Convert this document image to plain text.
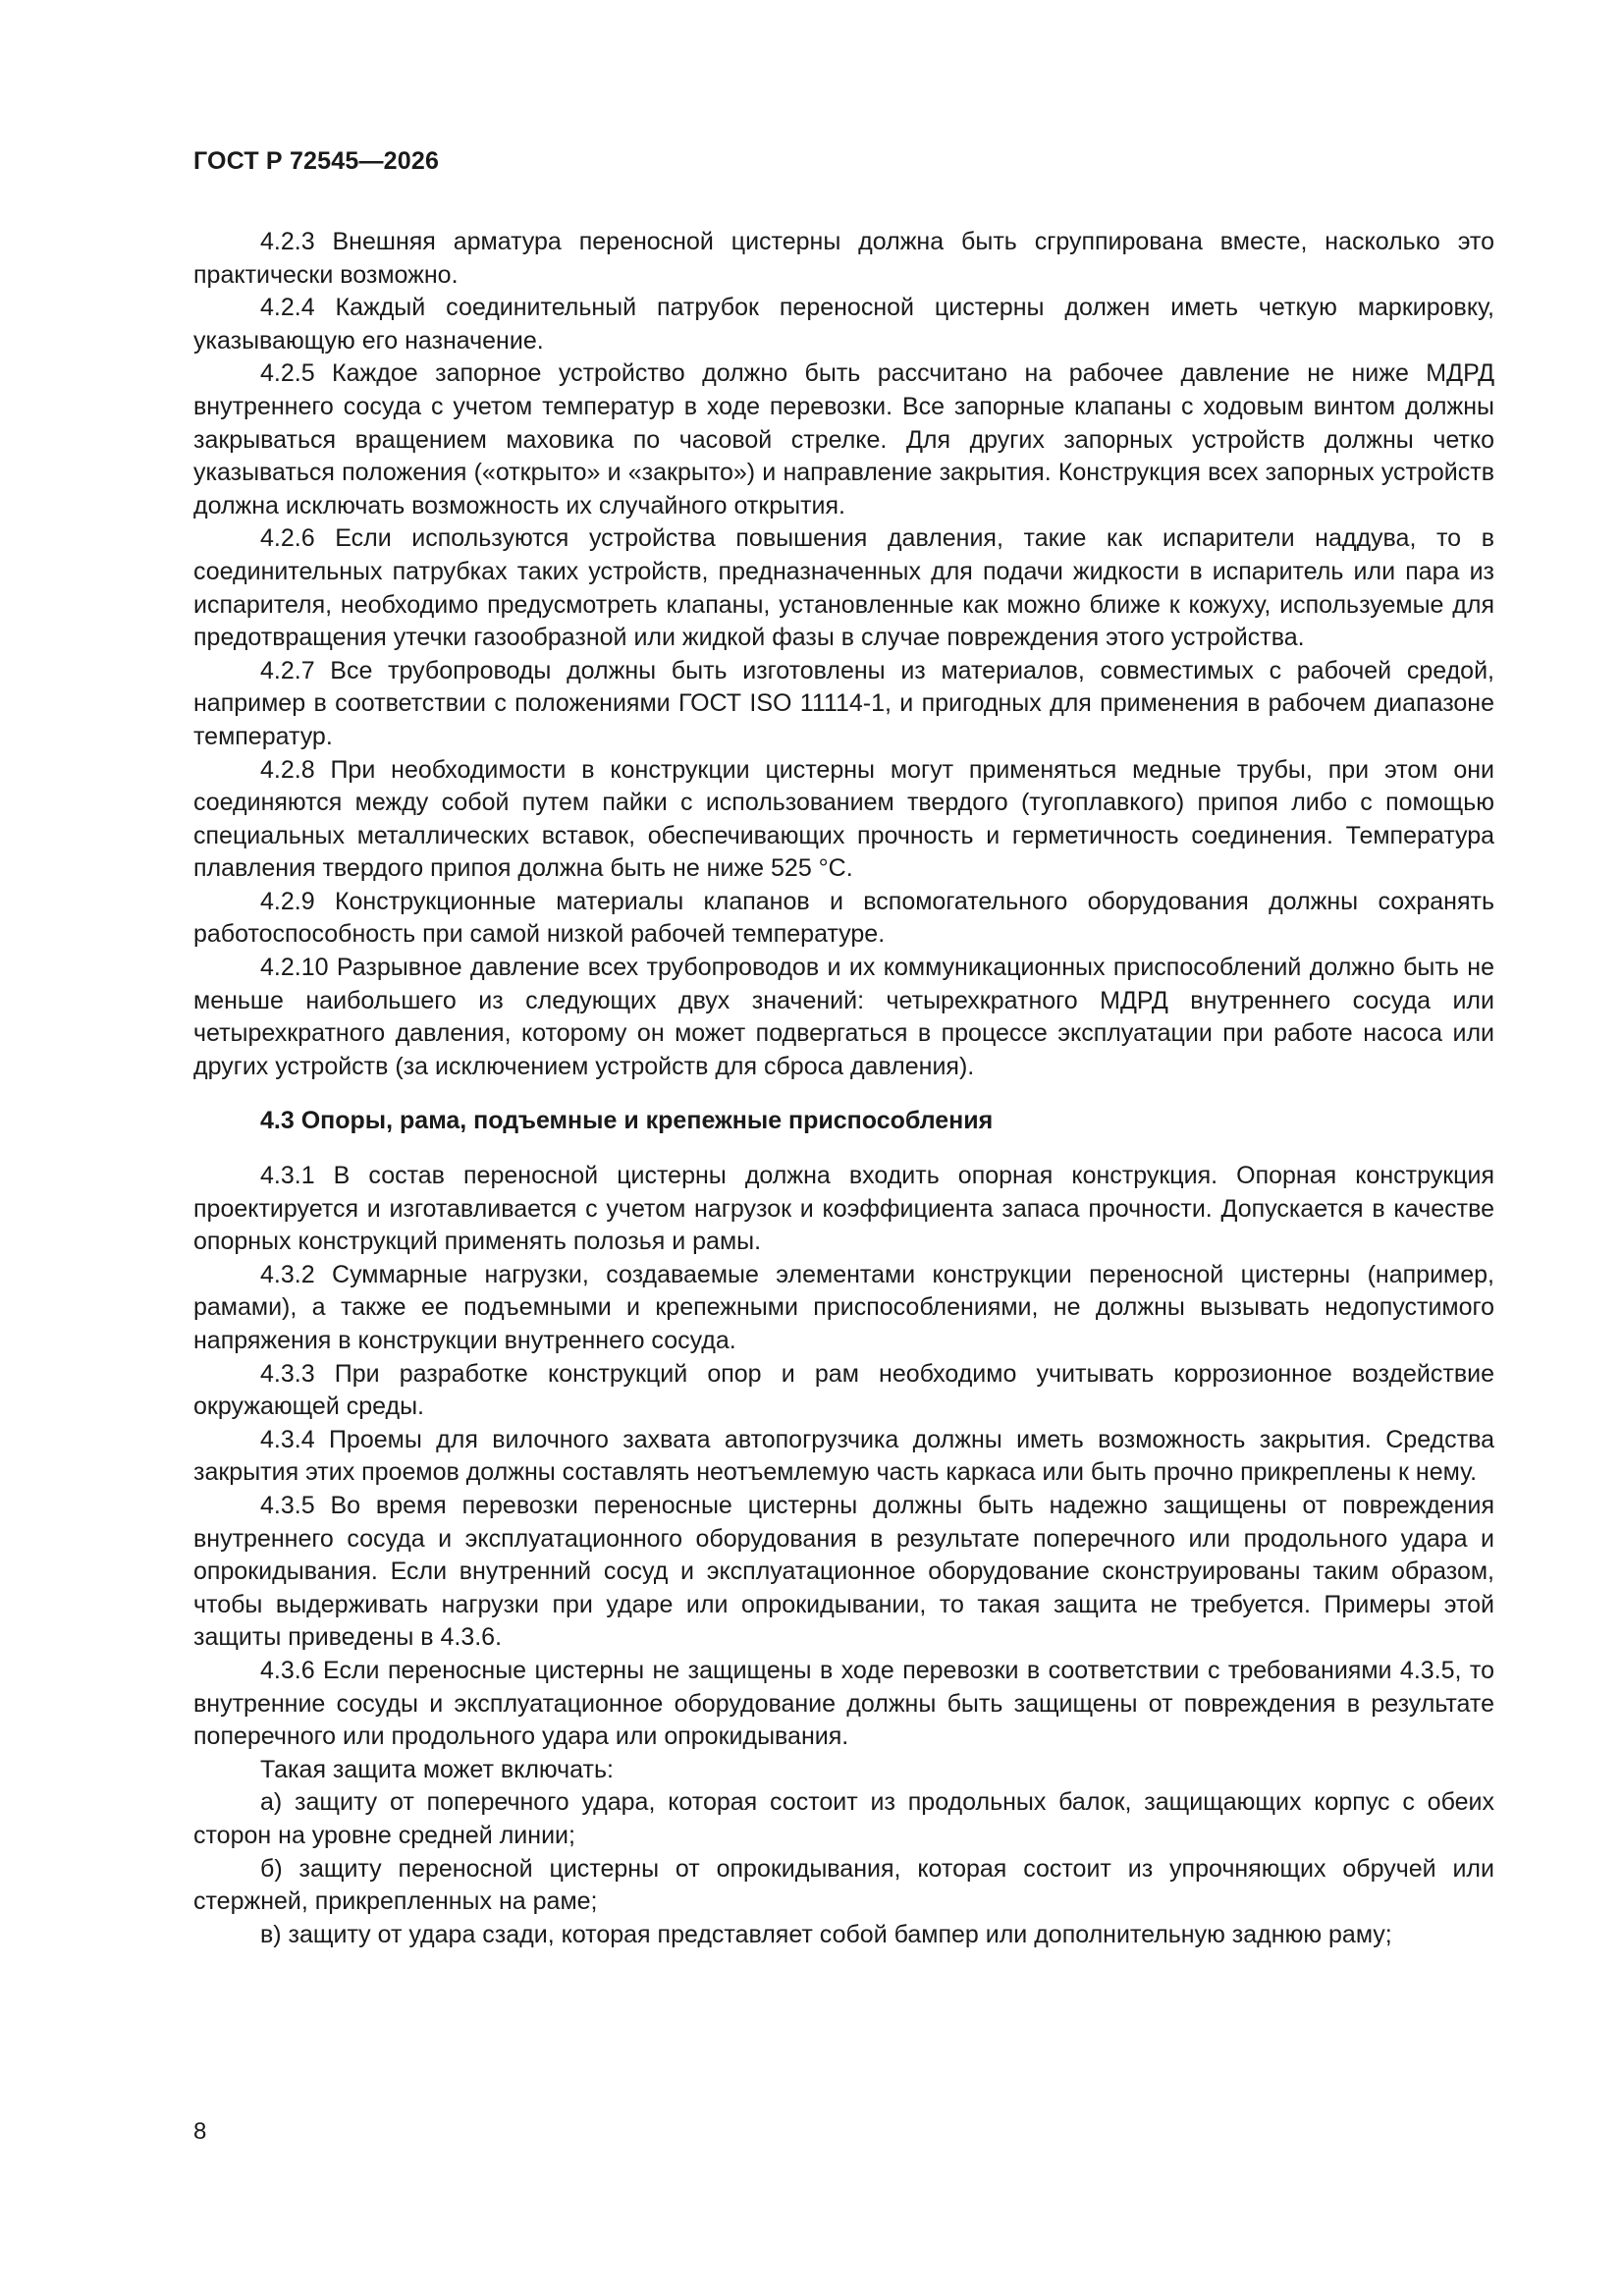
ГОСТ Р 72545—2026

4.2.3 Внешняя арматура переносной цистерны должна быть сгруппирована вместе, насколько это практически возможно.

4.2.4 Каждый соединительный патрубок переносной цистерны должен иметь четкую маркировку, указывающую его назначение.

4.2.5 Каждое запорное устройство должно быть рассчитано на рабочее давление не ниже МДРД внутреннего сосуда с учетом температур в ходе перевозки. Все запорные клапаны с ходовым винтом должны закрываться вращением маховика по часовой стрелке. Для других запорных устройств должны четко указываться положения («открыто» и «закрыто») и направление закрытия. Конструкция всех запорных устройств должна исключать возможность их случайного открытия.

4.2.6 Если используются устройства повышения давления, такие как испарители наддува, то в соединительных патрубках таких устройств, предназначенных для подачи жидкости в испаритель или пара из испарителя, необходимо предусмотреть клапаны, установленные как можно ближе к кожуху, используемые для предотвращения утечки газообразной или жидкой фазы в случае повреждения этого устройства.

4.2.7 Все трубопроводы должны быть изготовлены из материалов, совместимых с рабочей средой, например в соответствии с положениями ГОСТ ISO 11114-1, и пригодных для применения в рабочем диапазоне температур.

4.2.8 При необходимости в конструкции цистерны могут применяться медные трубы, при этом они соединяются между собой путем пайки с использованием твердого (тугоплавкого) припоя либо с помощью специальных металлических вставок, обеспечивающих прочность и герметичность соединения. Температура плавления твердого припоя должна быть не ниже 525 °С.

4.2.9 Конструкционные материалы клапанов и вспомогательного оборудования должны сохранять работоспособность при самой низкой рабочей температуре.

4.2.10 Разрывное давление всех трубопроводов и их коммуникационных приспособлений должно быть не меньше наибольшего из следующих двух значений: четырехкратного МДРД внутреннего сосуда или четырехкратного давления, которому он может подвергаться в процессе эксплуатации при работе насоса или других устройств (за исключением устройств для сброса давления).

4.3 Опоры, рама, подъемные и крепежные приспособления

4.3.1 В состав переносной цистерны должна входить опорная конструкция. Опорная конструкция проектируется и изготавливается с учетом нагрузок и коэффициента запаса прочности. Допускается в качестве опорных конструкций применять полозья и рамы.

4.3.2 Суммарные нагрузки, создаваемые элементами конструкции переносной цистерны (например, рамами), а также ее подъемными и крепежными приспособлениями, не должны вызывать недопустимого напряжения в конструкции внутреннего сосуда.

4.3.3 При разработке конструкций опор и рам необходимо учитывать коррозионное воздействие окружающей среды.

4.3.4 Проемы для вилочного захвата автопогрузчика должны иметь возможность закрытия. Средства закрытия этих проемов должны составлять неотъемлемую часть каркаса или быть прочно прикреплены к нему.

4.3.5 Во время перевозки переносные цистерны должны быть надежно защищены от повреждения внутреннего сосуда и эксплуатационного оборудования в результате поперечного или продольного удара и опрокидывания. Если внутренний сосуд и эксплуатационное оборудование сконструированы таким образом, чтобы выдерживать нагрузки при ударе или опрокидывании, то такая защита не требуется. Примеры этой защиты приведены в 4.3.6.

4.3.6 Если переносные цистерны не защищены в ходе перевозки в соответствии с требованиями 4.3.5, то внутренние сосуды и эксплуатационное оборудование должны быть защищены от повреждения в результате поперечного или продольного удара или опрокидывания.

Такая защита может включать:

а) защиту от поперечного удара, которая состоит из продольных балок, защищающих корпус с обеих сторон на уровне средней линии;

б) защиту переносной цистерны от опрокидывания, которая состоит из упрочняющих обручей или стержней, прикрепленных на раме;

в) защиту от удара сзади, которая представляет собой бампер или дополнительную заднюю раму;

8
